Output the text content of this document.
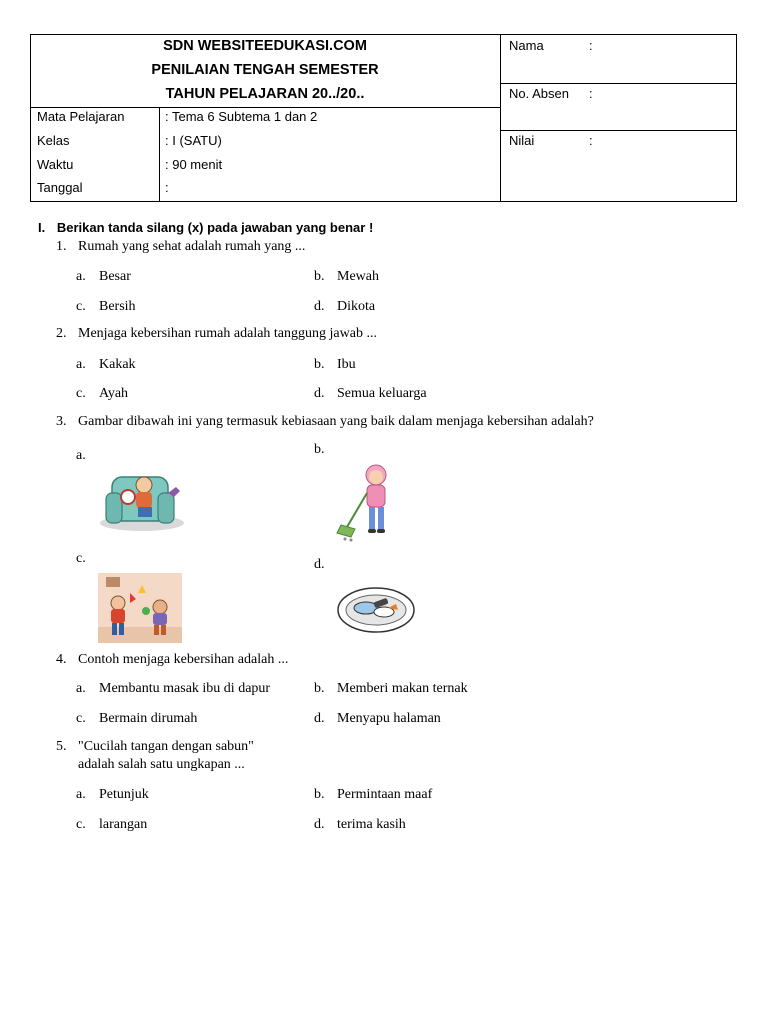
SDN WEBSITEEDUKASI.COM
PENILAIAN TENGAH SEMESTER
TAHUN PELAJARAN 20../20..
Mata Pelajaran	: Tema 6 Subtema 1 dan 2
Kelas	: I (SATU)
Waktu	: 90 menit
Tanggal	:
Nama	:
No. Absen :
Nilai	:
I. Berikan tanda silang (x) pada jawaban yang benar !
1. Rumah yang sehat adalah rumah yang ...
a. Besar	b. Mewah
c. Bersih	d. Dikota
2. Menjaga kebersihan rumah adalah tanggung jawab ...
a. Kakak	b. Ibu
c. Ayah	d. Semua keluarga
3. Gambar dibawah ini yang termasuk kebiasaan yang baik dalam menjaga kebersihan adalah?
a.	b.
c.	d.
4. Contoh menjaga kebersihan adalah ...
a. Membantu masak ibu di dapur	b. Memberi makan ternak
c. Bermain dirumah	d. Menyapu halaman
5. "Cucilah tangan dengan sabun"
adalah salah satu ungkapan ...
a. Petunjuk	b. Permintaan maaf
c. larangan	d. terima kasih
